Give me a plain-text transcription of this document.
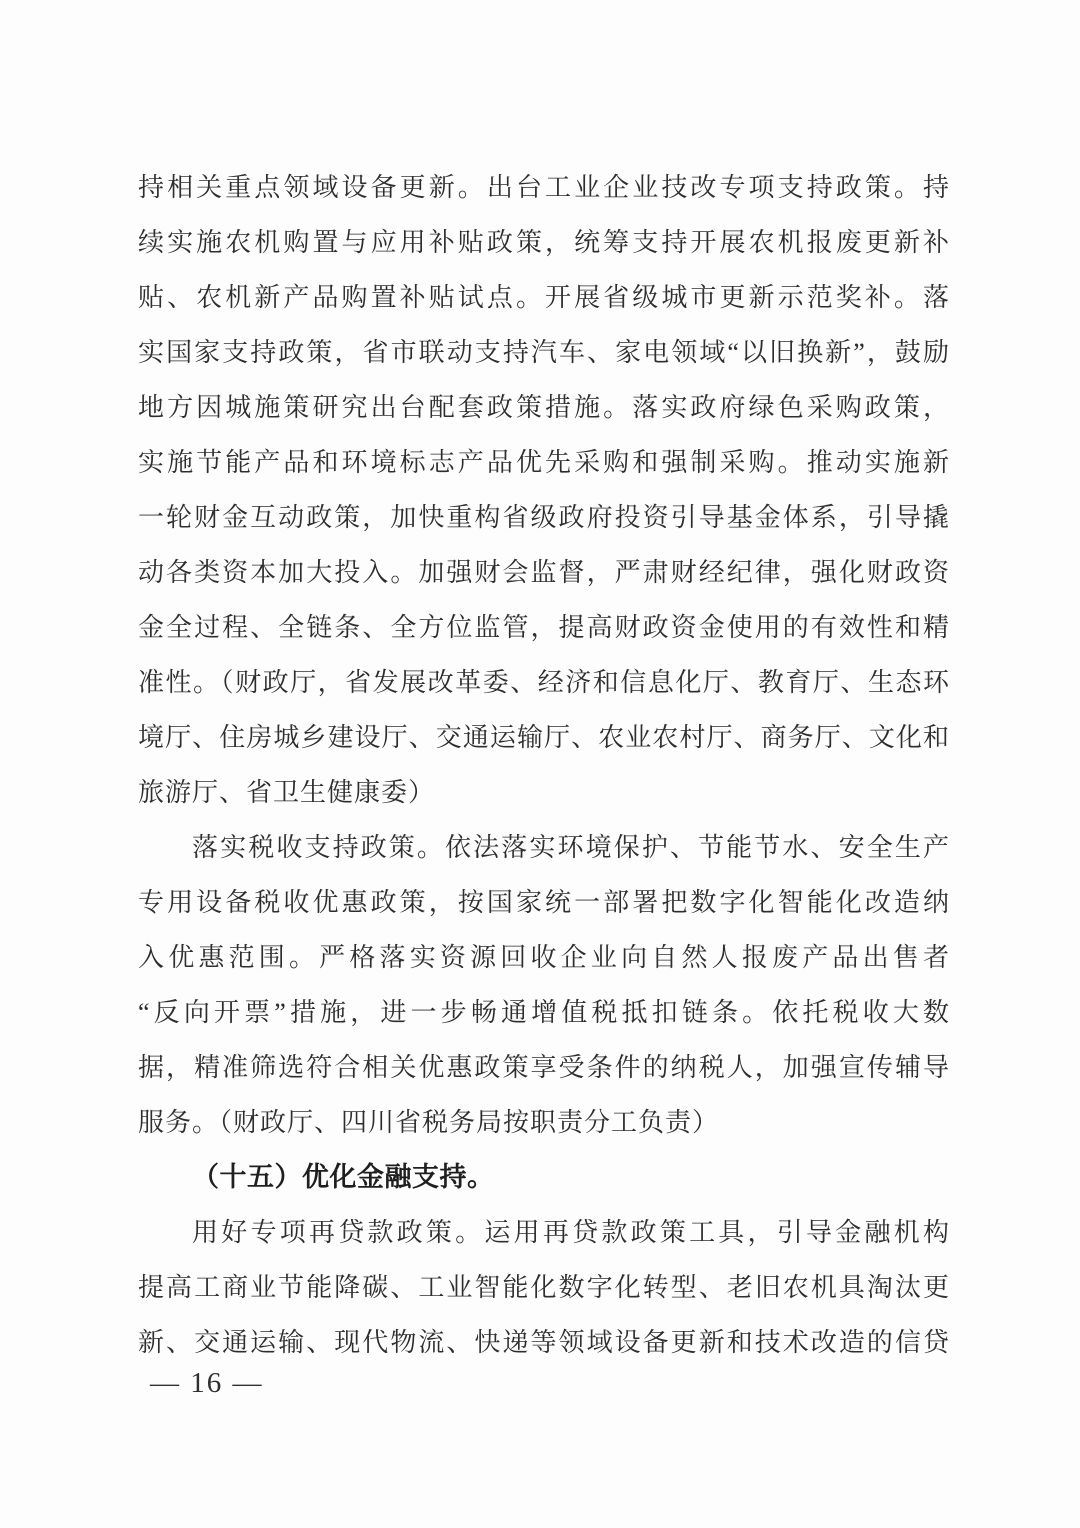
持相关重点领域设备更新。出台工业企业技改专项支持政策。持
续实施农机购置与应用补贴政策，统筹支持开展农机报废更新补
贴、农机新产品购置补贴试点。开展省级城市更新示范奖补。落
实国家支持政策，省市联动支持汽车、家电领域“以旧换新”，鼓励
地方因城施策研究出台配套政策措施。落实政府绿色采购政策，
实施节能产品和环境标志产品优先采购和强制采购。推动实施新
一轮财金互动政策，加快重构省级政府投资引导基金体系，引导撬
动各类资本加大投入。加强财会监督，严肃财经纪律，强化财政资
金全过程、全链条、全方位监管，提高财政资金使用的有效性和精
准性。（财政厅，省发展改革委、经济和信息化厅、教育厅、生态环
境厅、住房城乡建设厅、交通运输厅、农业农村厅、商务厅、文化和
旅游厅、省卫生健康委）
落实税收支持政策。依法落实环境保护、节能节水、安全生产
专用设备税收优惠政策，按国家统一部署把数字化智能化改造纳
入优惠范围。严格落实资源回收企业向自然人报废产品出售者
“反向开票”措施，进一步畅通增值税抵扣链条。依托税收大数
据，精准筛选符合相关优惠政策享受条件的纳税人，加强宣传辅导
服务。（财政厅、四川省税务局按职责分工负责）
（十五）优化金融支持。
用好专项再贷款政策。运用再贷款政策工具，引导金融机构
提高工商业节能降碳、工业智能化数字化转型、老旧农机具淘汰更
新、交通运输、现代物流、快递等领域设备更新和技术改造的信贷
— 16 —
